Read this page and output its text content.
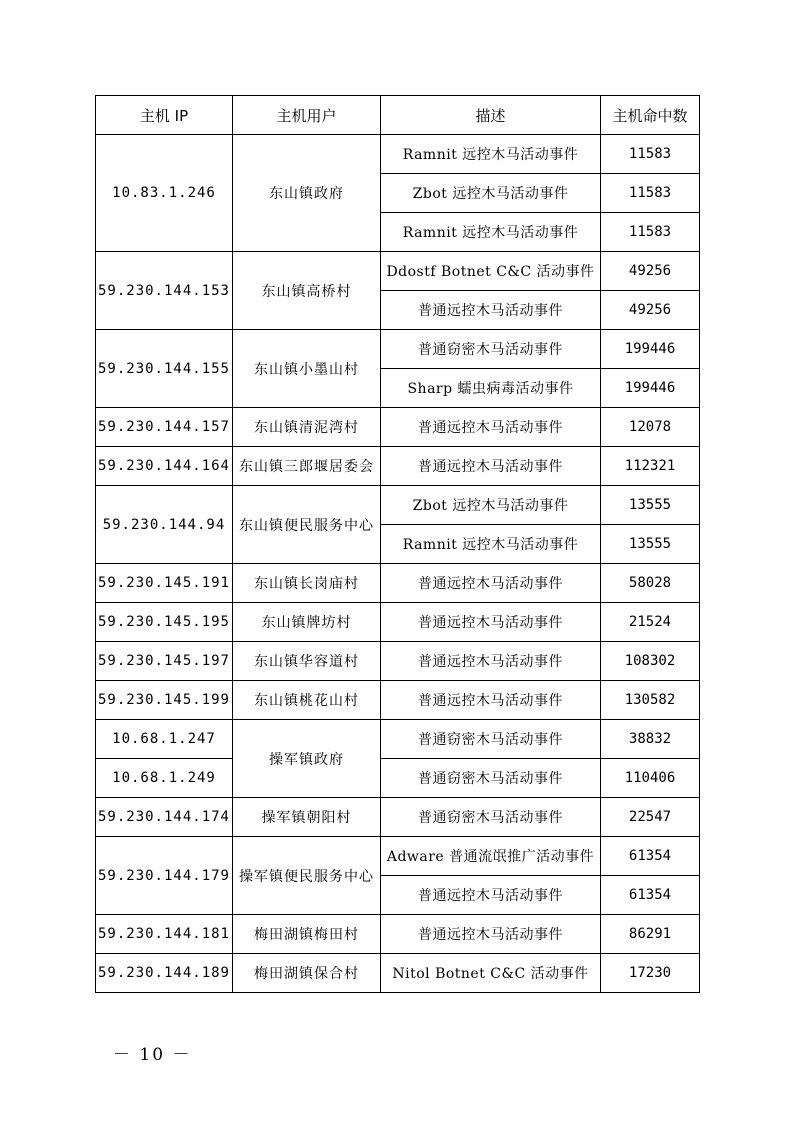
主机 IP	主机用户	描述	主机命中数
10.83.1.246	东山镇政府	Ramnit 远控木马活动事件	11583
		Zbot 远控木马活动事件	11583
		Ramnit 远控木马活动事件	11583
59.230.144.153	东山镇高桥村	Ddostf Botnet C&C 活动事件	49256
		普通远控木马活动事件	49256
59.230.144.155	东山镇小墨山村	普通窃密木马活动事件	199446
		Sharp 蠕虫病毒活动事件	199446
59.230.144.157	东山镇清泥湾村	普通远控木马活动事件	12078
59.230.144.164	东山镇三郎堰居委会	普通远控木马活动事件	112321
59.230.144.94	东山镇便民服务中心	Zbot 远控木马活动事件	13555
		Ramnit 远控木马活动事件	13555
59.230.145.191	东山镇长岗庙村	普通远控木马活动事件	58028
59.230.145.195	东山镇牌坊村	普通远控木马活动事件	21524
59.230.145.197	东山镇华容道村	普通远控木马活动事件	108302
59.230.145.199	东山镇桃花山村	普通远控木马活动事件	130582
10.68.1.247	操军镇政府	普通窃密木马活动事件	38832
10.68.1.249		普通窃密木马活动事件	110406
59.230.144.174	操军镇朝阳村	普通窃密木马活动事件	22547
59.230.144.179	操军镇便民服务中心	Adware 普通流氓推广活动事件	61354
		普通远控木马活动事件	61354
59.230.144.181	梅田湖镇梅田村	普通远控木马活动事件	86291
59.230.144.189	梅田湖镇保合村	Nitol Botnet C&C 活动事件	17230
－ 10 －
